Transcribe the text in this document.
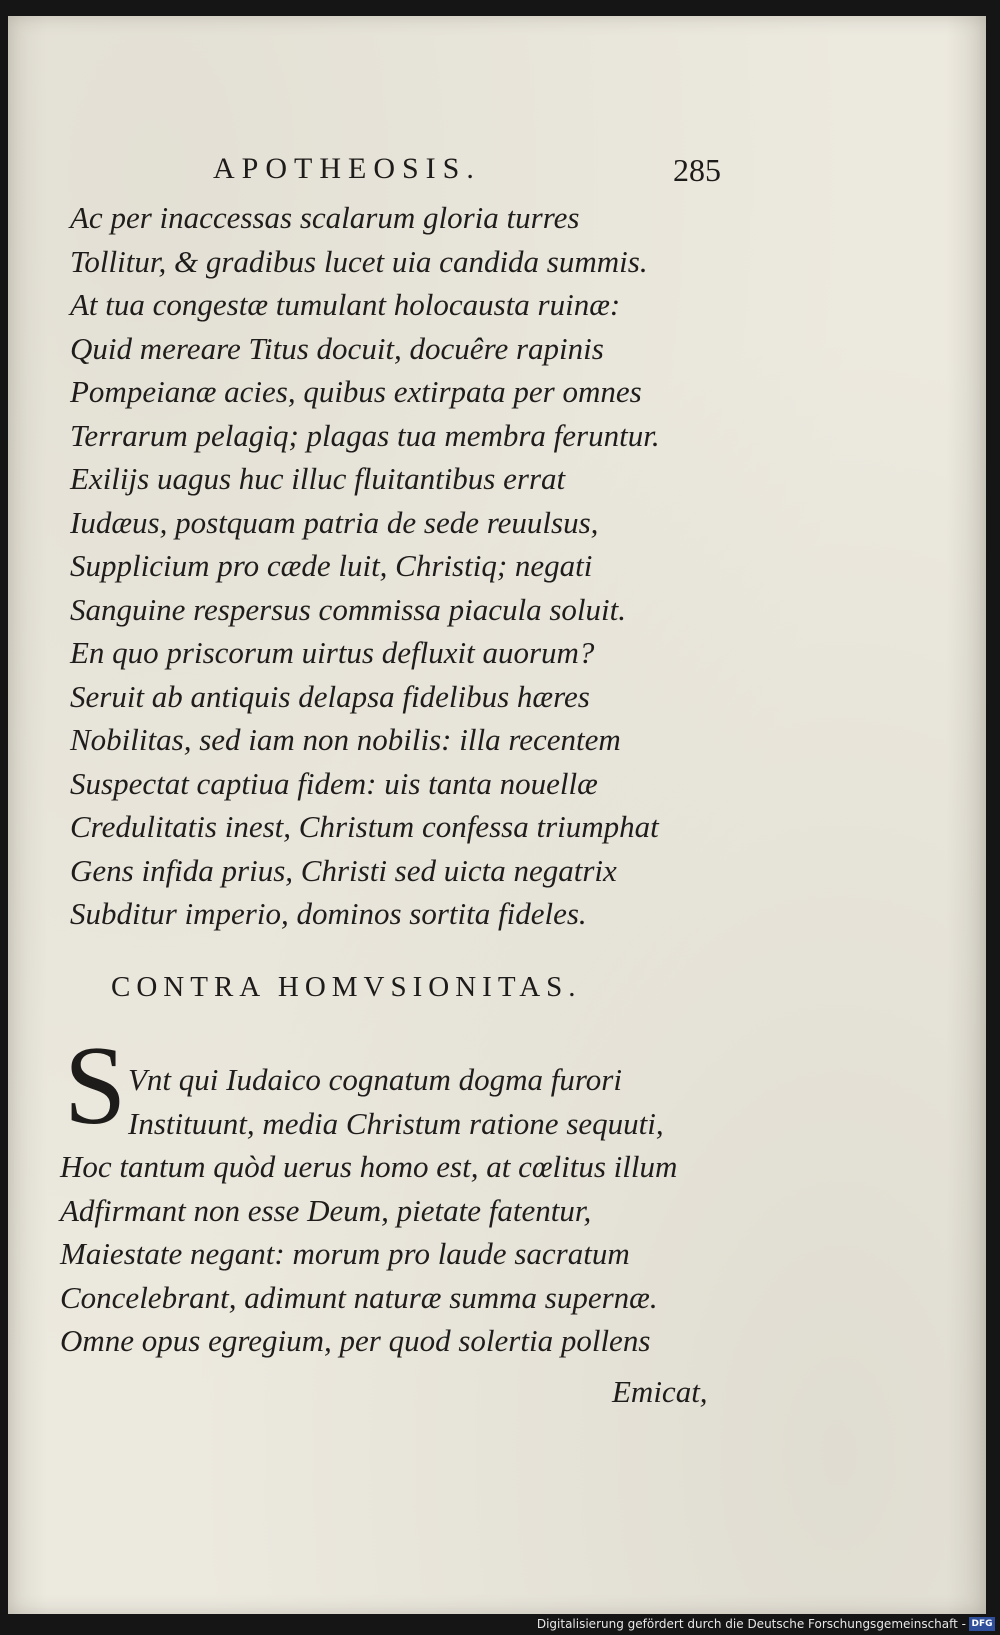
APOTHEOSIS.	285
Ac per inaccessas scalarum gloria turres
Tollitur, & gradibus lucet uia candida summis.
At tua congestæ tumulant holocausta ruinæ:
Quid mereare Titus docuit, docuêre rapinis
Pompeianæ acies, quibus extirpata per omnes
Terrarum pelagiq; plagas tua membra feruntur.
Exilijs uagus huc illuc fluitantibus errat
Iudæus, postquam patria de sede reuulsus,
Supplicium pro cæde luit, Christiq; negati
Sanguine respersus commissa piacula soluit.
En quo priscorum uirtus defluxit auorum?
Seruit ab antiquis delapsa fidelibus hæres
Nobilitas, sed iam non nobilis: illa recentem
Suspectat captiua fidem: uis tanta nouellæ
Credulitatis inest, Christum confessa triumphat
Gens infida prius, Christi sed uicta negatrix
Subditur imperio, dominos sortita fideles.
CONTRA HOMVSIONITAS.
S Vnt qui Iudaico cognatum dogma furori
Instituunt, media Christum ratione sequuti,
Hoc tantum quòd uerus homo est, at cœlitus illum
Adfirmant non esse Deum, pietate fatentur,
Maiestate negant: morum pro laude sacratum
Concelebrant, adimunt naturæ summa supernæ.
Omne opus egregium, per quod solertia pollens
Emicat,
Digitalisierung gefördert durch die Deutsche Forschungsgemeinschaft - DFG
